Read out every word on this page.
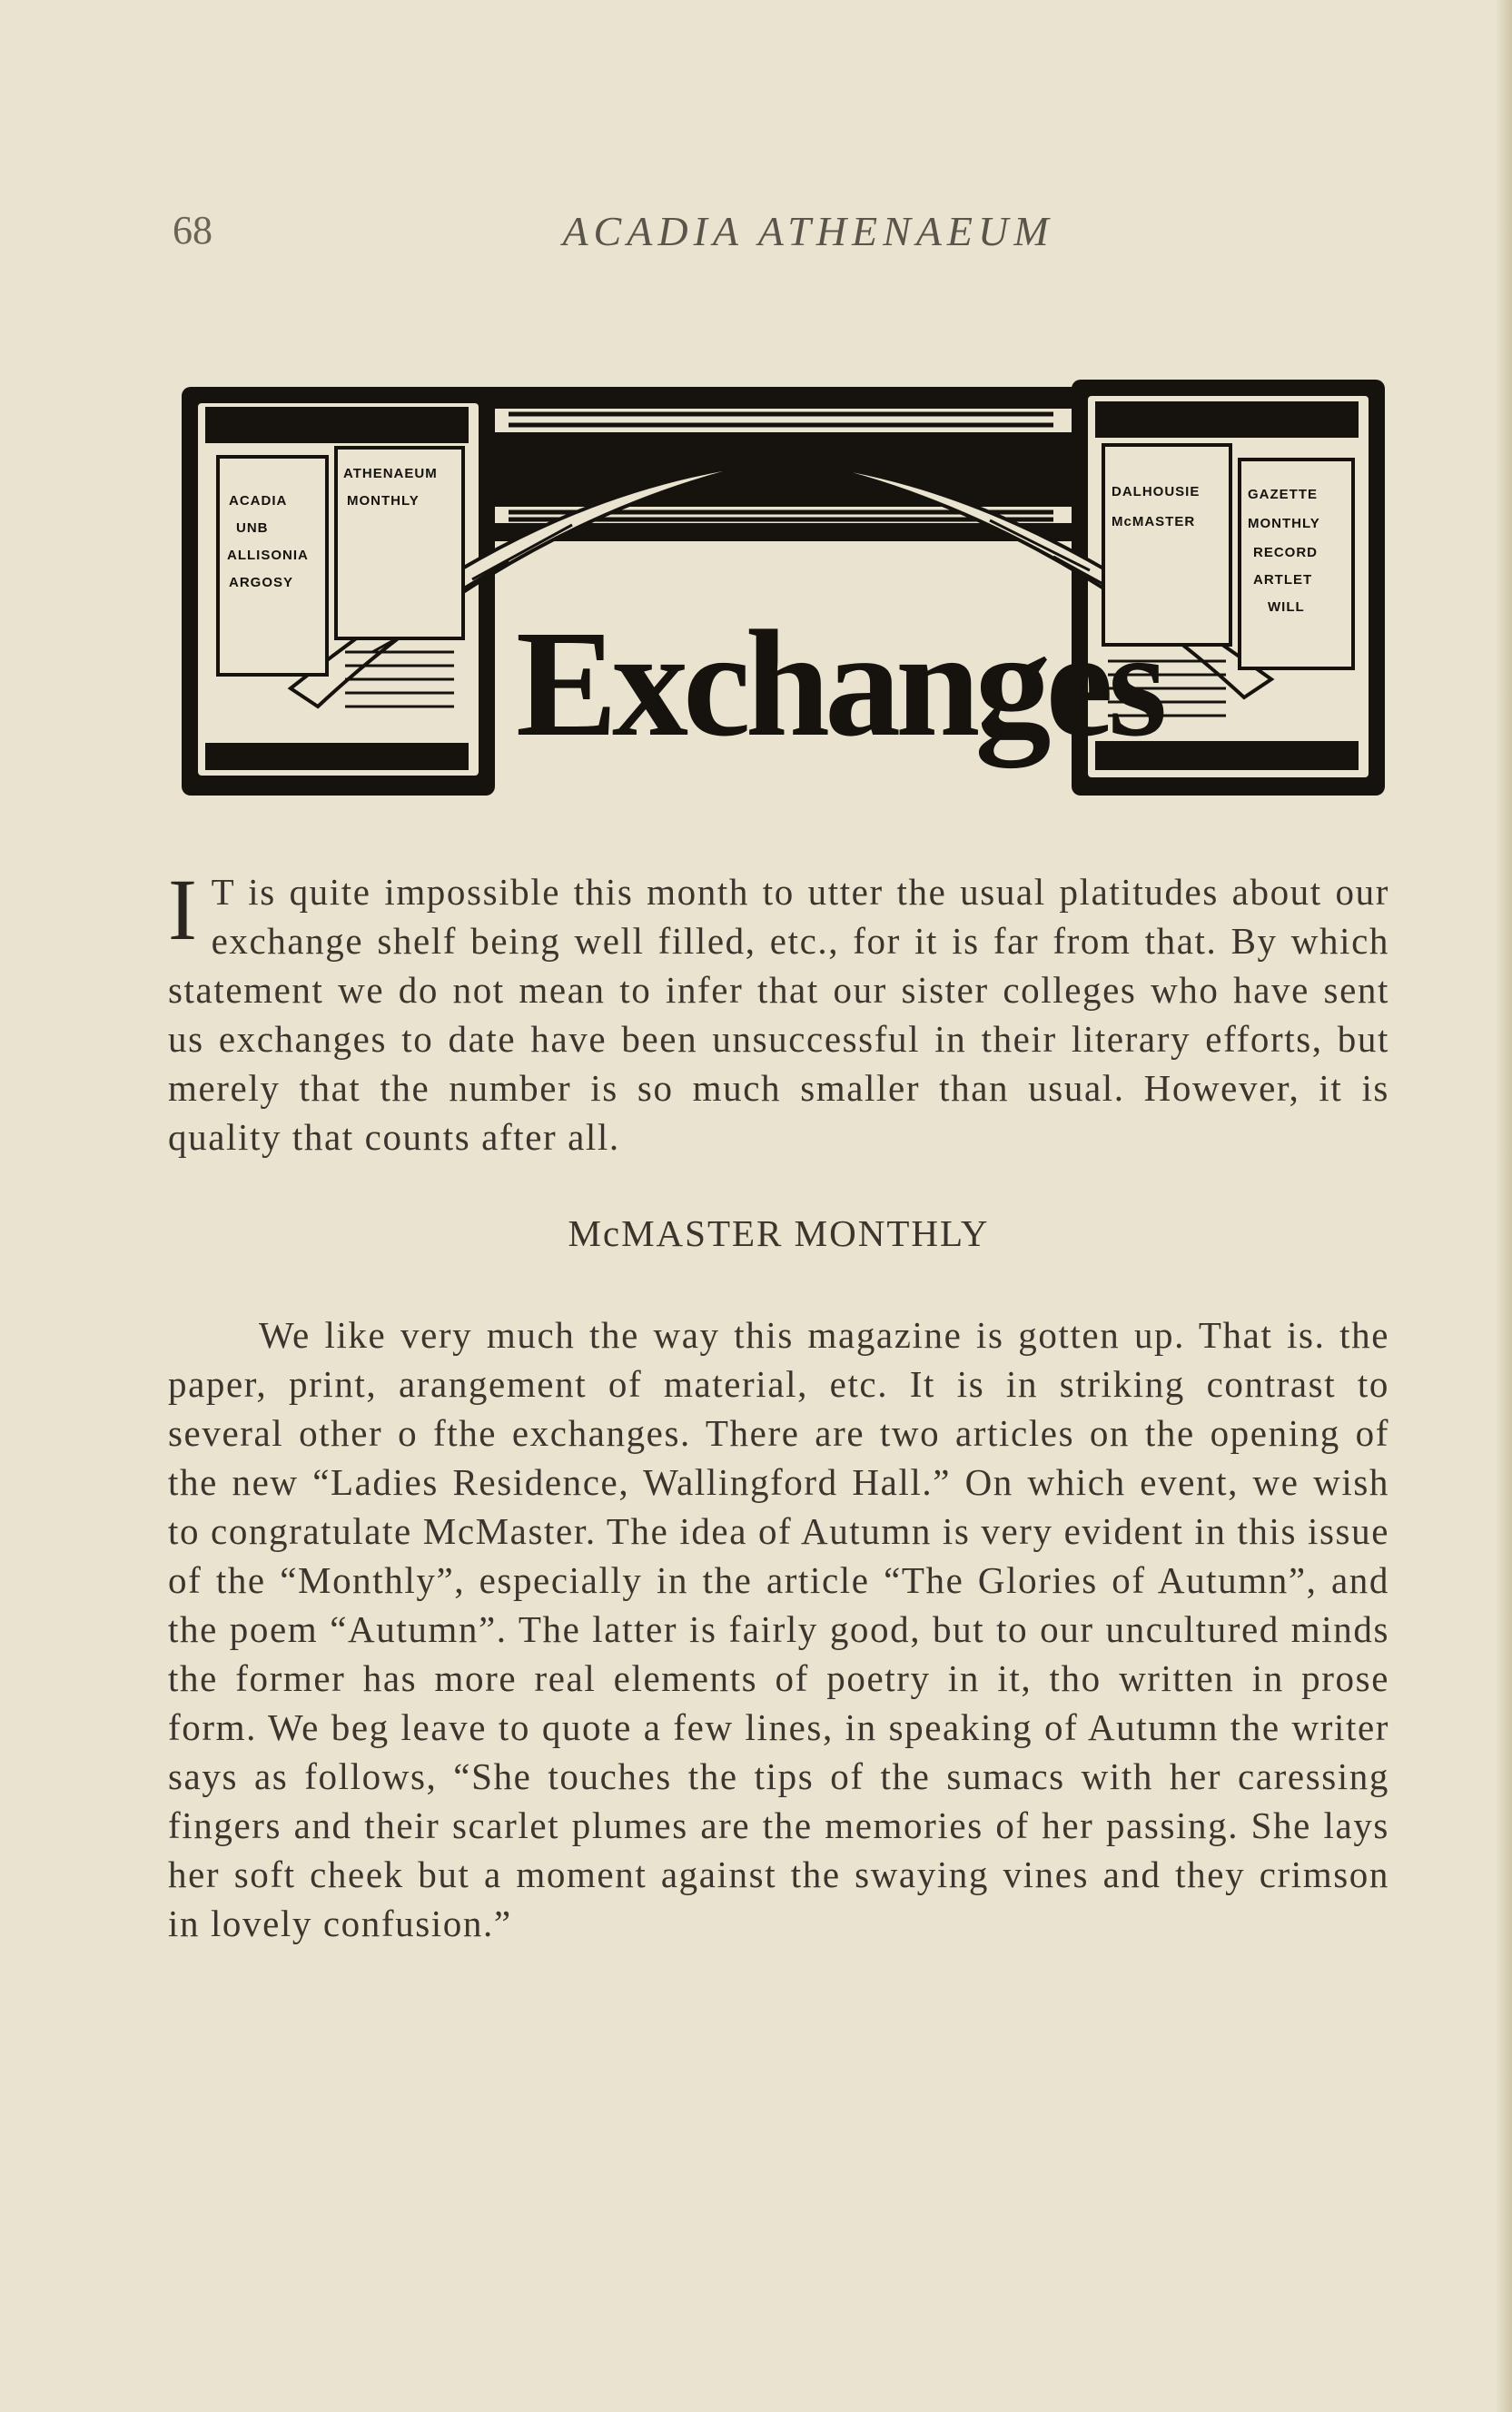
68	ACADIA ATHENAEUM
ACADIA
UNB
ALLISONIA
ARGOSY
ATHENAEUM
MONTHLY
DALHOUSIE	GAZETTE
McMASTER	MONTHLY
RECORD
ARTLET
WILL
Exchanges

I T is quite impossible this month to utter the usual platitudes about our exchange shelf being well filled, etc., for it is far from that. By which statement we do not mean to infer that our sister colleges who have sent us exchanges to date have been unsuccessful in their literary efforts, but merely that the number is so much smaller than usual. However, it is quality that counts after all.

McMASTER MONTHLY

We like very much the way this magazine is gotten up. That is. the paper, print, arangement of material, etc. It is in striking contrast to several other o fthe exchanges. There are two articles on the opening of the new “Ladies Residence, Wallingford Hall.” On which event, we wish to congratulate McMaster. The idea of Autumn is very evident in this issue of the “Monthly”, especially in the article “The Glories of Autumn”, and the poem “Autumn”. The latter is fairly good, but to our uncultured minds the former has more real elements of poetry in it, tho written in prose form. We beg leave to quote a few lines, in speaking of Autumn the writer says as follows, “She touches the tips of the sumacs with her caressing fingers and their scarlet plumes are the memories of her passing. She lays her soft cheek but a moment against the swaying vines and they crimson in lovely confusion.”
